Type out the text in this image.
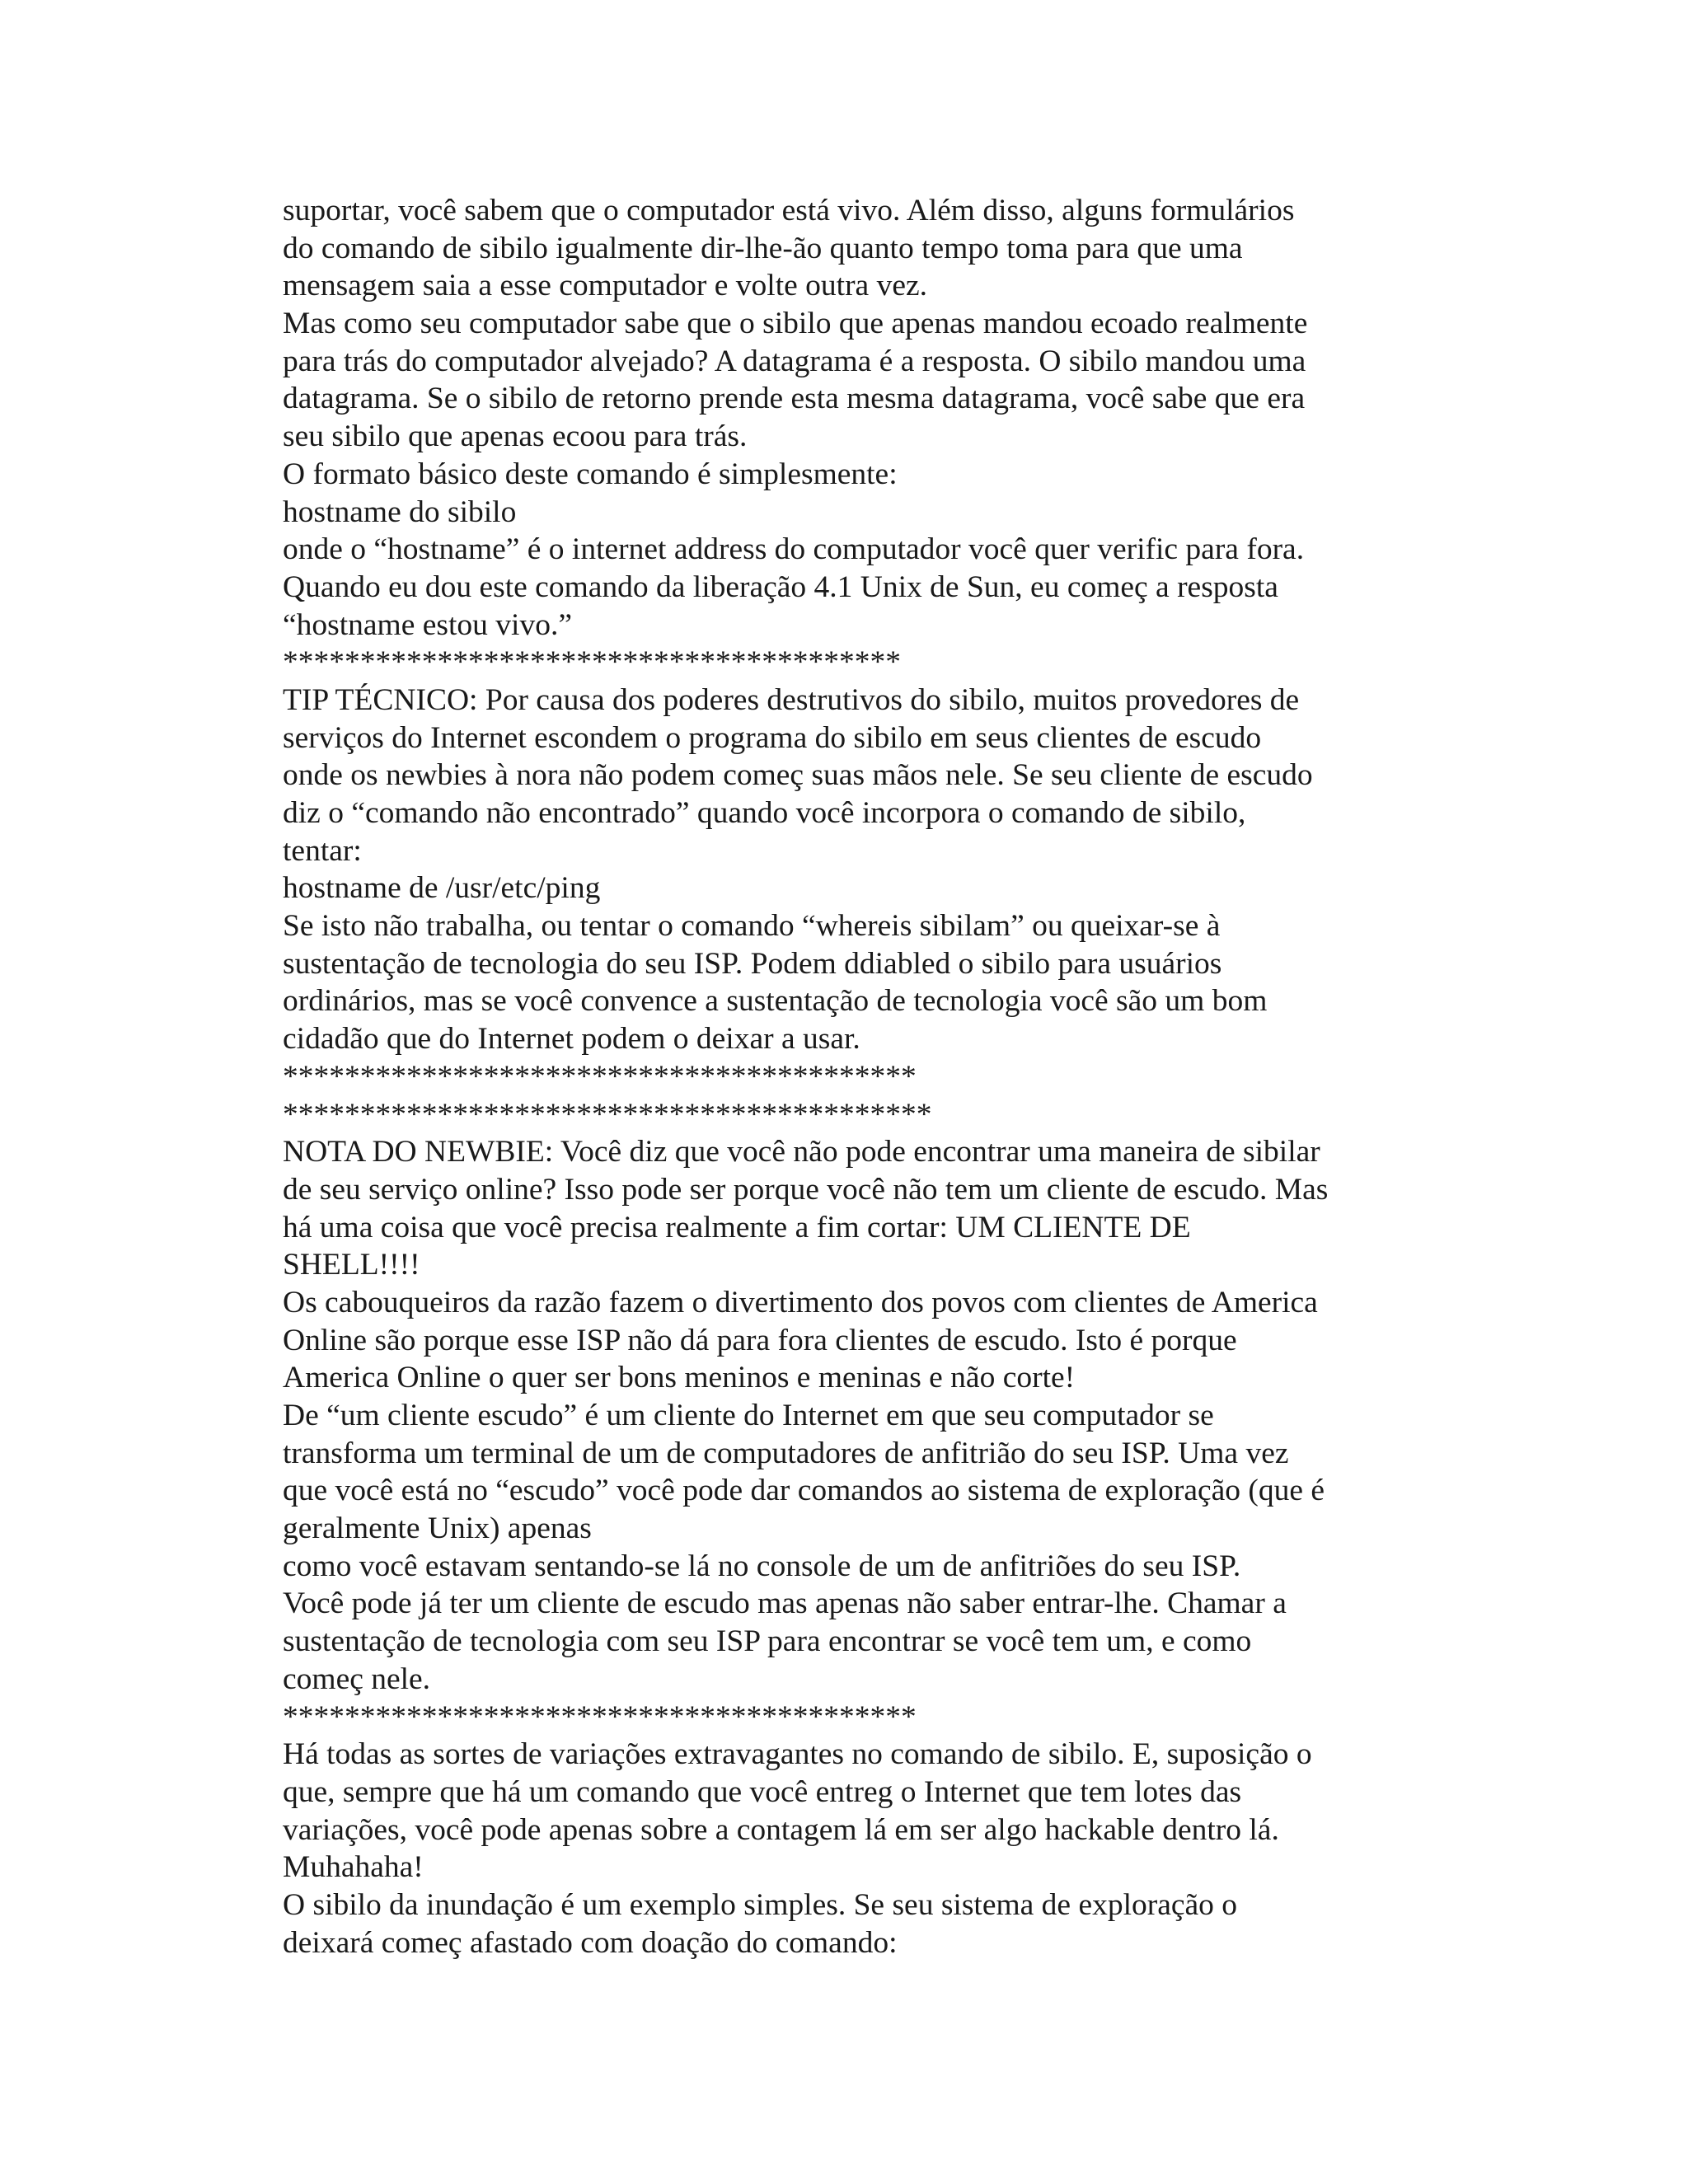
suportar, você sabem que o computador está vivo. Além disso, alguns formulários
do comando de sibilo igualmente dir-lhe-ão quanto tempo toma para que uma
mensagem saia a esse computador e volte outra vez.
Mas como seu computador sabe que o sibilo que apenas mandou ecoado realmente
para trás do computador alvejado? A datagrama é a resposta. O sibilo mandou uma
datagrama. Se o sibilo de retorno prende esta mesma datagrama, você sabe que era
seu sibilo que apenas ecoou para trás.
O formato básico deste comando é simplesmente:
hostname do sibilo
onde o “hostname” é o internet address do computador você quer verific para fora.
Quando eu dou este comando da liberação 4.1 Unix de Sun, eu começ a resposta
“hostname estou vivo.”
****************************************
TIP TÉCNICO: Por causa dos poderes destrutivos do sibilo, muitos provedores de
serviços do Internet escondem o programa do sibilo em seus clientes de escudo
onde os newbies à nora não podem começ suas mãos nele. Se seu cliente de escudo
diz o “comando não encontrado” quando você incorpora o comando de sibilo,
tentar:
hostname de /usr/etc/ping
Se isto não trabalha, ou tentar o comando “whereis sibilam” ou queixar-se à
sustentação de tecnologia do seu ISP. Podem ddiabled o sibilo para usuários
ordinários, mas se você convence a sustentação de tecnologia você são um bom
cidadão que do Internet podem o deixar a usar.
*****************************************
******************************************
NOTA DO NEWBIE: Você diz que você não pode encontrar uma maneira de sibilar
de seu serviço online? Isso pode ser porque você não tem um cliente de escudo. Mas
há uma coisa que você precisa realmente a fim cortar: UM CLIENTE DE
SHELL!!!!
Os cabouqueiros da razão fazem o divertimento dos povos com clientes de America
Online são porque esse ISP não dá para fora clientes de escudo. Isto é porque
America Online o quer ser bons meninos e meninas e não corte!
De “um cliente escudo” é um cliente do Internet em que seu computador se
transforma um terminal de um de computadores de anfitrião do seu ISP. Uma vez
que você está no “escudo” você pode dar comandos ao sistema de exploração (que é
geralmente Unix) apenas
como você estavam sentando-se lá no console de um de anfitriões do seu ISP.
Você pode já ter um cliente de escudo mas apenas não saber entrar-lhe. Chamar a
sustentação de tecnologia com seu ISP para encontrar se você tem um, e como
começ nele.
*****************************************
Há todas as sortes de variações extravagantes no comando de sibilo. E, suposição o
que, sempre que há um comando que você entreg o Internet que tem lotes das
variações, você pode apenas sobre a contagem lá em ser algo hackable dentro lá.
Muhahaha!
O sibilo da inundação é um exemplo simples. Se seu sistema de exploração o
deixará começ afastado com doação do comando:
